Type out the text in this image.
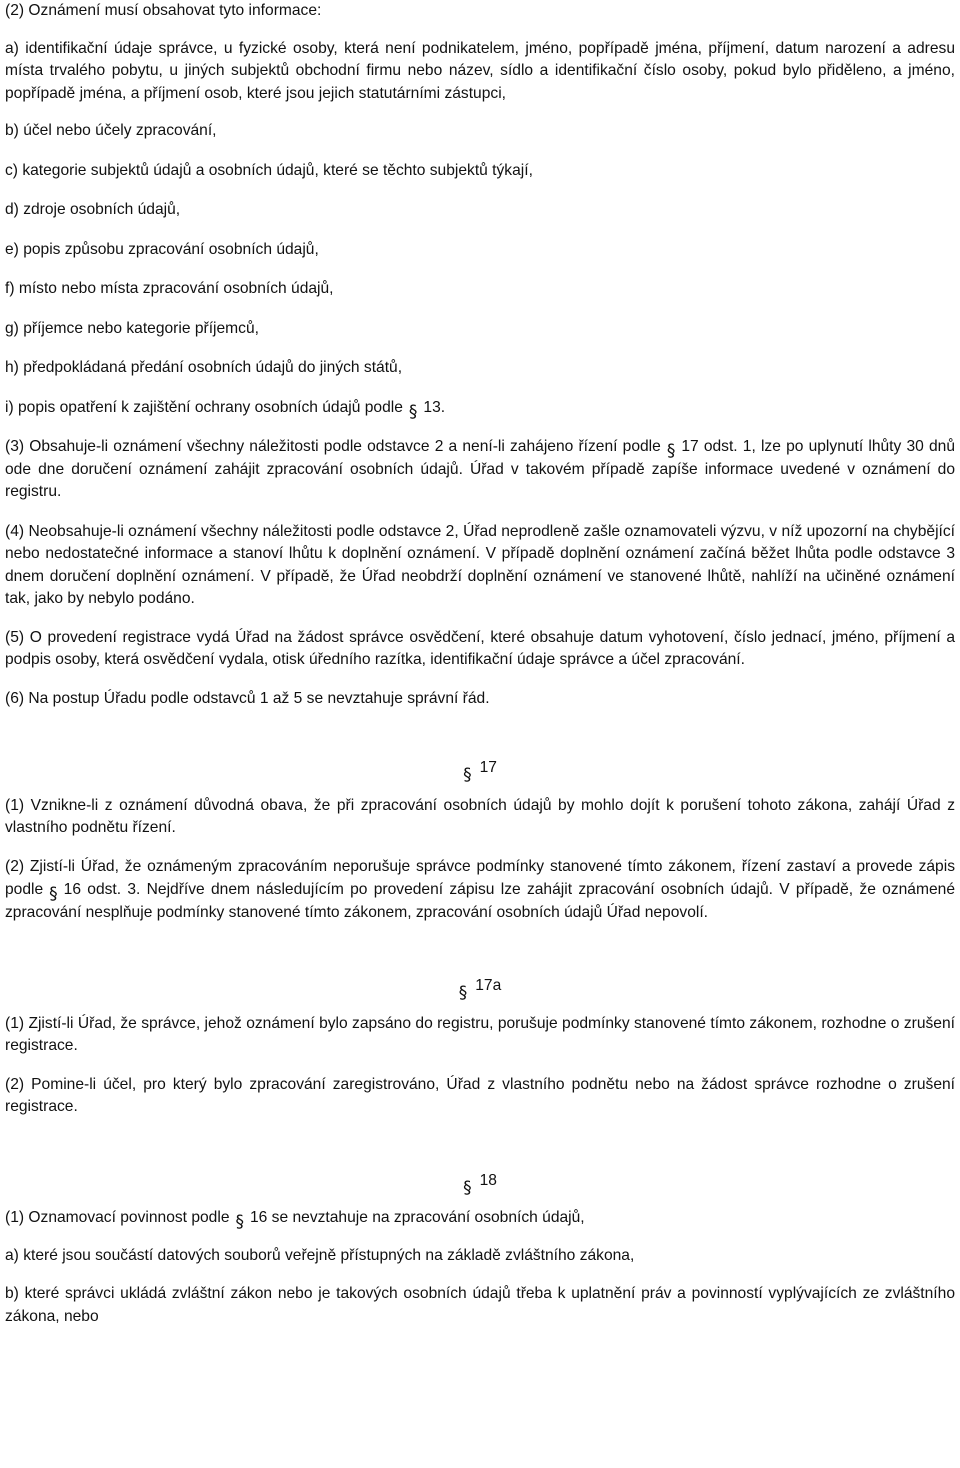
(2) Oznámení musí obsahovat tyto informace:

a) identifikační údaje správce, u fyzické osoby, která není podnikatelem, jméno, popřípadě jména, příjmení, datum narození a adresu místa trvalého pobytu, u jiných subjektů obchodní firmu nebo název, sídlo a identifikační číslo osoby, pokud bylo přiděleno, a jméno, popřípadě jména, a příjmení osob, které jsou jejich statutárními zástupci,

b) účel nebo účely zpracování,

c) kategorie subjektů údajů a osobních údajů, které se těchto subjektů týkají,

d) zdroje osobních údajů,

e) popis způsobu zpracování osobních údajů,

f) místo nebo místa zpracování osobních údajů,

g) příjemce nebo kategorie příjemců,

h) předpokládaná předání osobních údajů do jiných států,

i) popis opatření k zajištění ochrany osobních údajů podle § 13.

(3) Obsahuje-li oznámení všechny náležitosti podle odstavce 2 a není-li zahájeno řízení podle § 17 odst. 1, lze po uplynutí lhůty 30 dnů ode dne doručení oznámení zahájit zpracování osobních údajů. Úřad v takovém případě zapíše informace uvedené v oznámení do registru.

(4) Neobsahuje-li oznámení všechny náležitosti podle odstavce 2, Úřad neprodleně zašle oznamovateli výzvu, v níž upozorní na chybějící nebo nedostatečné informace a stanoví lhůtu k doplnění oznámení. V případě doplnění oznámení začíná běžet lhůta podle odstavce 3 dnem doručení doplnění oznámení. V případě, že Úřad neobdrží doplnění oznámení ve stanovené lhůtě, nahlíží na učiněné oznámení tak, jako by nebylo podáno.

(5) O provedení registrace vydá Úřad na žádost správce osvědčení, které obsahuje datum vyhotovení, číslo jednací, jméno, příjmení a podpis osoby, která osvědčení vydala, otisk úředního razítka, identifikační údaje správce a účel zpracování.

(6) Na postup Úřadu podle odstavců 1 až 5 se nevztahuje správní řád.

§ 17

(1) Vznikne-li z oznámení důvodná obava, že při zpracování osobních údajů by mohlo dojít k porušení tohoto zákona, zahájí Úřad z vlastního podnětu řízení.

(2) Zjistí-li Úřad, že oznámeným zpracováním neporušuje správce podmínky stanovené tímto zákonem, řízení zastaví a provede zápis podle § 16 odst. 3. Nejdříve dnem následujícím po provedení zápisu lze zahájit zpracování osobních údajů. V případě, že oznámené zpracování nesplňuje podmínky stanovené tímto zákonem, zpracování osobních údajů Úřad nepovolí.

§ 17a

(1) Zjistí-li Úřad, že správce, jehož oznámení bylo zapsáno do registru, porušuje podmínky stanovené tímto zákonem, rozhodne o zrušení registrace.

(2) Pomine-li účel, pro který bylo zpracování zaregistrováno, Úřad z vlastního podnětu nebo na žádost správce rozhodne o zrušení registrace.

§ 18

(1) Oznamovací povinnost podle § 16 se nevztahuje na zpracování osobních údajů,

a) které jsou součástí datových souborů veřejně přístupných na základě zvláštního zákona,

b) které správci ukládá zvláštní zákon nebo je takových osobních údajů třeba k uplatnění práv a povinností vyplývajících ze zvláštního zákona, nebo
